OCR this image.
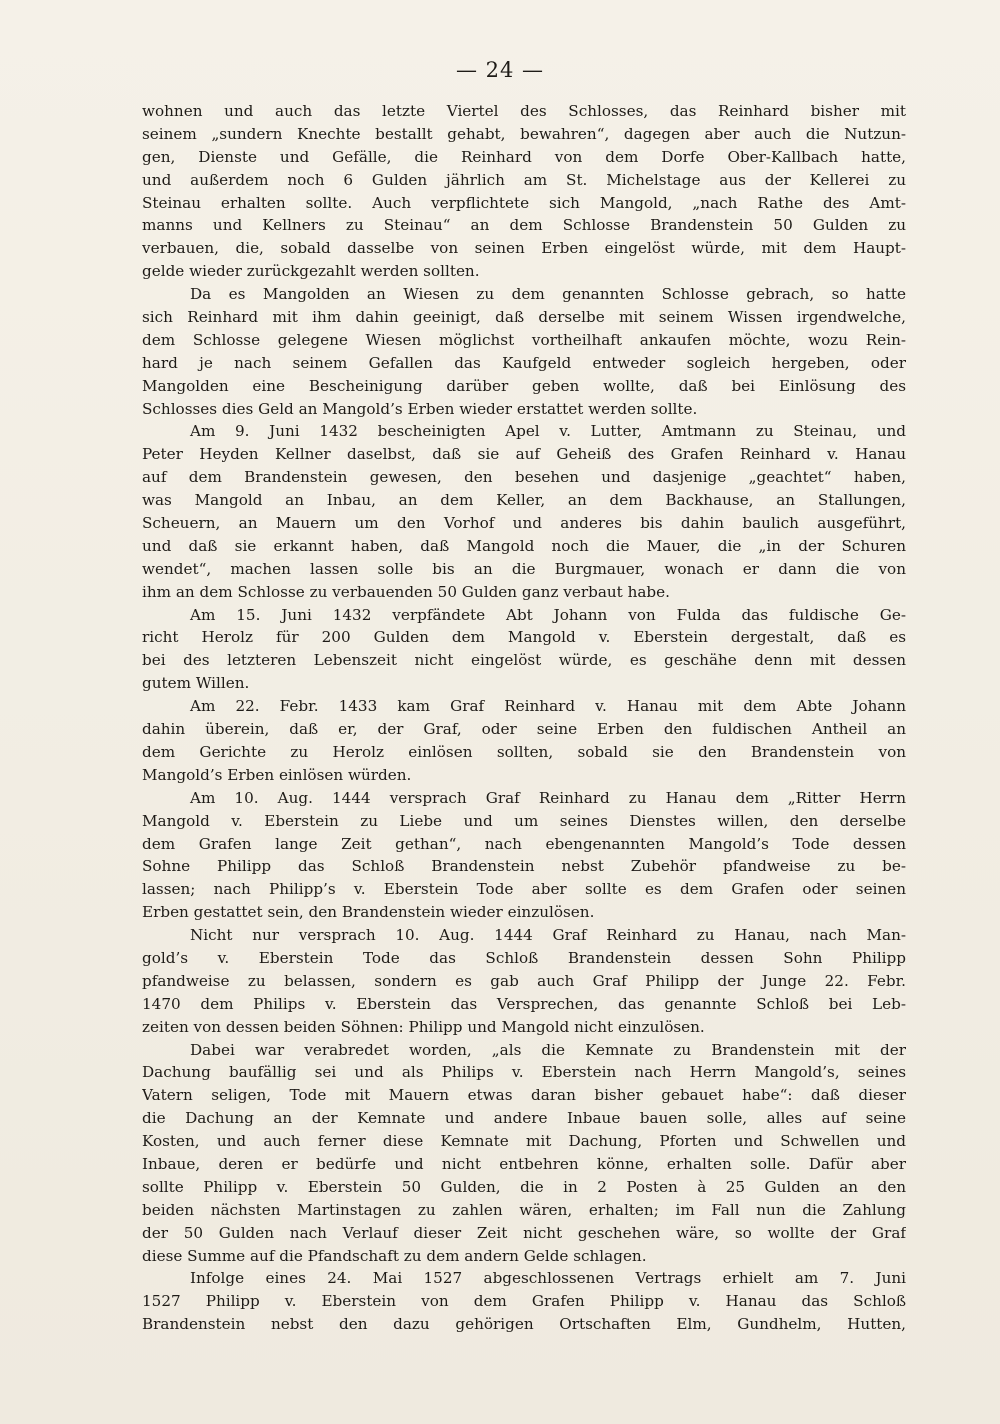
— 24 —
wohnen und auch das letzte Viertel des Schlosses, das Reinhard bisher mit
seinem „sundern Knechte bestallt gehabt, bewahren“, dagegen aber auch die Nutzun-
gen, Dienste und Gefälle, die Reinhard von dem Dorfe Ober-Kallbach hatte,
und außerdem noch 6 Gulden jährlich am St. Michelstage aus der Kellerei zu
Steinau erhalten sollte. Auch verpflichtete sich Mangold, „nach Rathe des Amt-
manns und Kellners zu Steinau“ an dem Schlosse Brandenstein 50 Gulden zu
verbauen, die, sobald dasselbe von seinen Erben eingelöst würde, mit dem Haupt-
gelde wieder zurückgezahlt werden sollten.
Da es Mangolden an Wiesen zu dem genannten Schlosse gebrach, so hatte
sich Reinhard mit ihm dahin geeinigt, daß derselbe mit seinem Wissen irgendwelche,
dem Schlosse gelegene Wiesen möglichst vortheilhaft ankaufen möchte, wozu Rein-
hard je nach seinem Gefallen das Kaufgeld entweder sogleich hergeben, oder
Mangolden eine Bescheinigung darüber geben wollte, daß bei Einlösung des
Schlosses dies Geld an Mangold’s Erben wieder erstattet werden sollte.
Am 9. Juni 1432 bescheinigten Apel v. Lutter, Amtmann zu Steinau, und
Peter Heyden Kellner daselbst, daß sie auf Geheiß des Grafen Reinhard v. Hanau
auf dem Brandenstein gewesen, den besehen und dasjenige „geachtet“ haben,
was Mangold an Inbau, an dem Keller, an dem Backhause, an Stallungen,
Scheuern, an Mauern um den Vorhof und anderes bis dahin baulich ausgeführt,
und daß sie erkannt haben, daß Mangold noch die Mauer, die „in der Schuren
wendet“, machen lassen solle bis an die Burgmauer, wonach er dann die von
ihm an dem Schlosse zu verbauenden 50 Gulden ganz verbaut habe.
Am 15. Juni 1432 verpfändete Abt Johann von Fulda das fuldische Ge-
richt Herolz für 200 Gulden dem Mangold v. Eberstein dergestalt, daß es
bei des letzteren Lebenszeit nicht eingelöst würde, es geschähe denn mit dessen
gutem Willen.
Am 22. Febr. 1433 kam Graf Reinhard v. Hanau mit dem Abte Johann
dahin überein, daß er, der Graf, oder seine Erben den fuldischen Antheil an
dem Gerichte zu Herolz einlösen sollten, sobald sie den Brandenstein von
Mangold’s Erben einlösen würden.
Am 10. Aug. 1444 versprach Graf Reinhard zu Hanau dem „Ritter Herrn
Mangold v. Eberstein zu Liebe und um seines Dienstes willen, den derselbe
dem Grafen lange Zeit gethan“, nach ebengenannten Mangold’s Tode dessen
Sohne Philipp das Schloß Brandenstein nebst Zubehör pfandweise zu be-
lassen; nach Philipp’s v. Eberstein Tode aber sollte es dem Grafen oder seinen
Erben gestattet sein, den Brandenstein wieder einzulösen.
Nicht nur versprach 10. Aug. 1444 Graf Reinhard zu Hanau, nach Man-
gold’s v. Eberstein Tode das Schloß Brandenstein dessen Sohn Philipp
pfandweise zu belassen, sondern es gab auch Graf Philipp der Junge 22. Febr.
1470 dem Philips v. Eberstein das Versprechen, das genannte Schloß bei Leb-
zeiten von dessen beiden Söhnen: Philipp und Mangold nicht einzulösen.
Dabei war verabredet worden, „als die Kemnate zu Brandenstein mit der
Dachung baufällig sei und als Philips v. Eberstein nach Herrn Mangold’s, seines
Vatern seligen, Tode mit Mauern etwas daran bisher gebauet habe“: daß dieser
die Dachung an der Kemnate und andere Inbaue bauen solle, alles auf seine
Kosten, und auch ferner diese Kemnate mit Dachung, Pforten und Schwellen und
Inbaue, deren er bedürfe und nicht entbehren könne, erhalten solle. Dafür aber
sollte Philipp v. Eberstein 50 Gulden, die in 2 Posten à 25 Gulden an den
beiden nächsten Martinstagen zu zahlen wären, erhalten; im Fall nun die Zahlung
der 50 Gulden nach Verlauf dieser Zeit nicht geschehen wäre, so wollte der Graf
diese Summe auf die Pfandschaft zu dem andern Gelde schlagen.
Infolge eines 24. Mai 1527 abgeschlossenen Vertrags erhielt am 7. Juni
1527 Philipp v. Eberstein von dem Grafen Philipp v. Hanau das Schloß
Brandenstein nebst den dazu gehörigen Ortschaften Elm, Gundhelm, Hutten,
